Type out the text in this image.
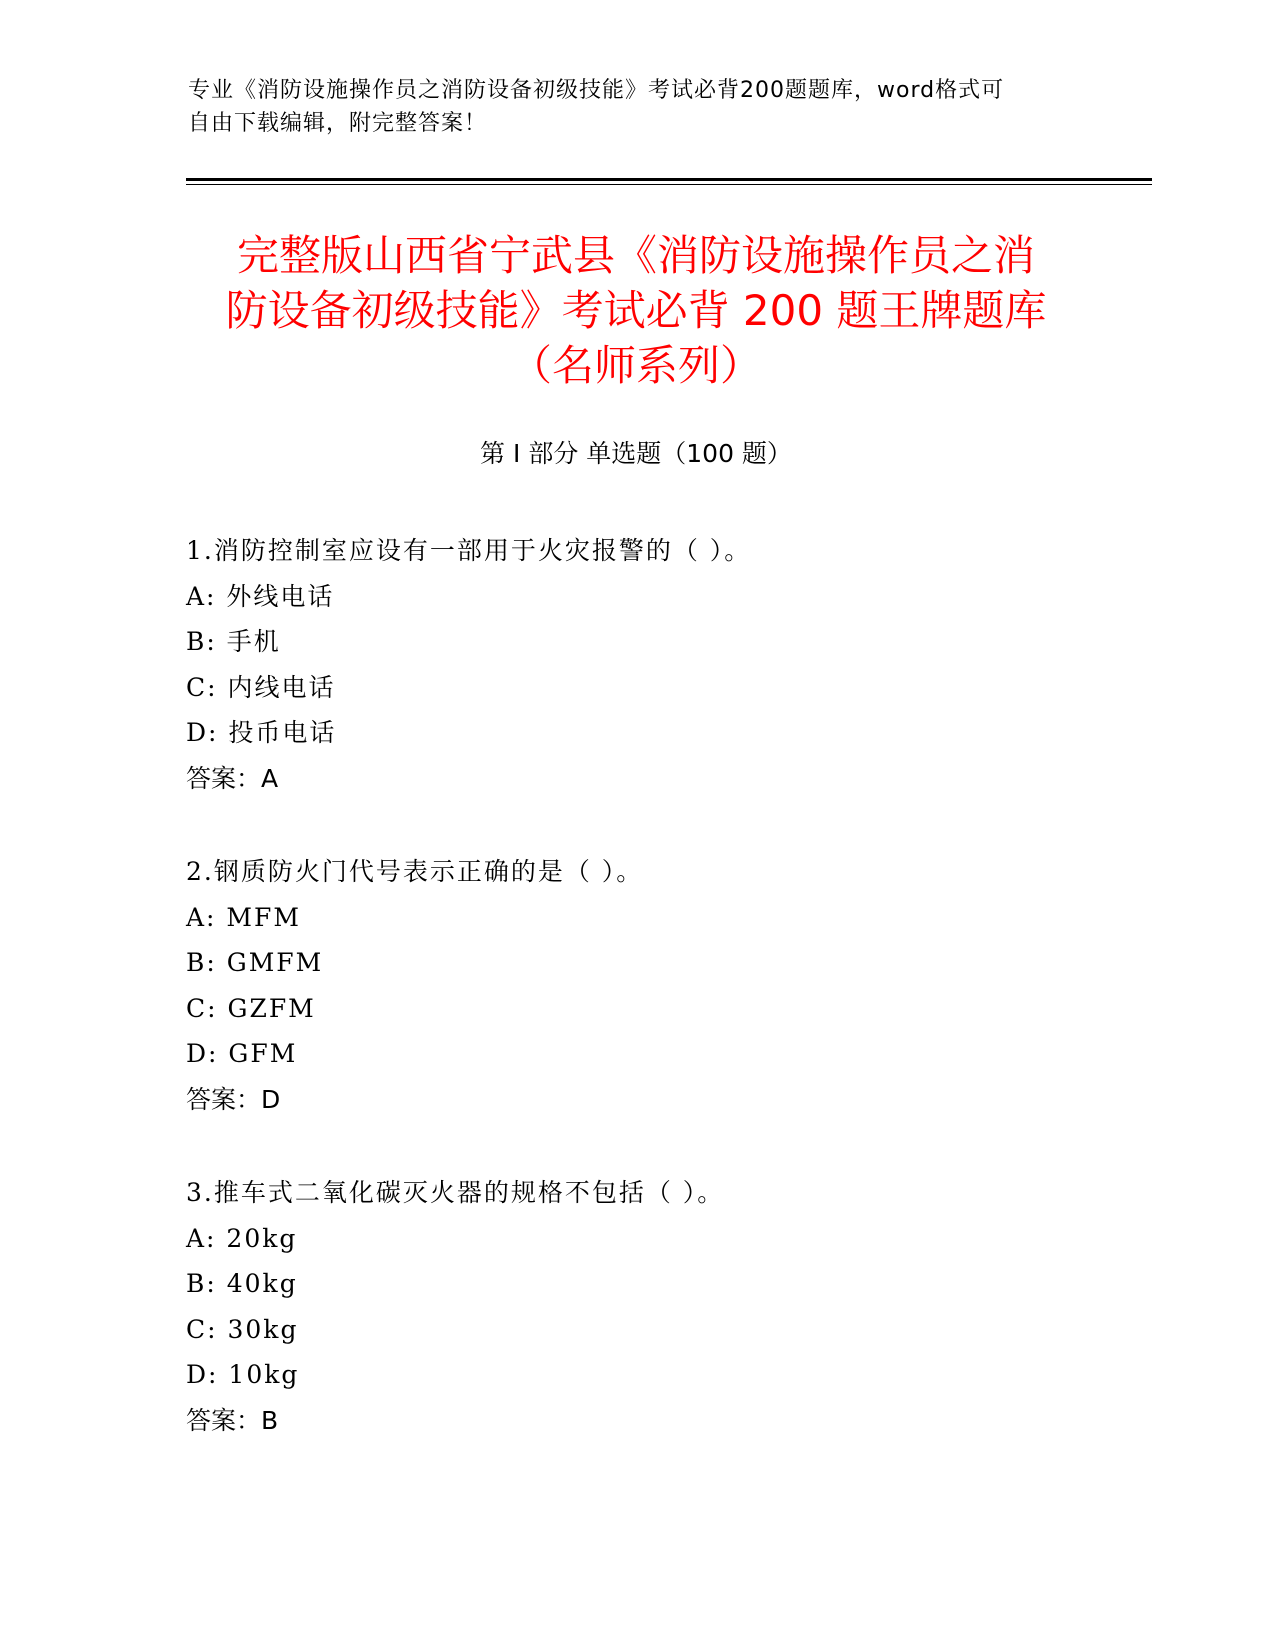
专业《消防设施操作员之消防设备初级技能》考试必背200题题库，word格式可
自由下载编辑，附完整答案！
完整版山西省宁武县《消防设施操作员之消
防设备初级技能》考试必背 200 题王牌题库
（名师系列）
第 I 部分 单选题（100 题）
1.消防控制室应设有一部用于火灾报警的（ ）。
A: 外线电话
B: 手机
C: 内线电话
D: 投币电话
答案：A
2.钢质防火门代号表示正确的是（ ）。
A: MFM
B: GMFM
C: GZFM
D: GFM
答案：D
3.推车式二氧化碳灭火器的规格不包括（ ）。
A: 20kg
B: 40kg
C: 30kg
D: 10kg
答案：B
